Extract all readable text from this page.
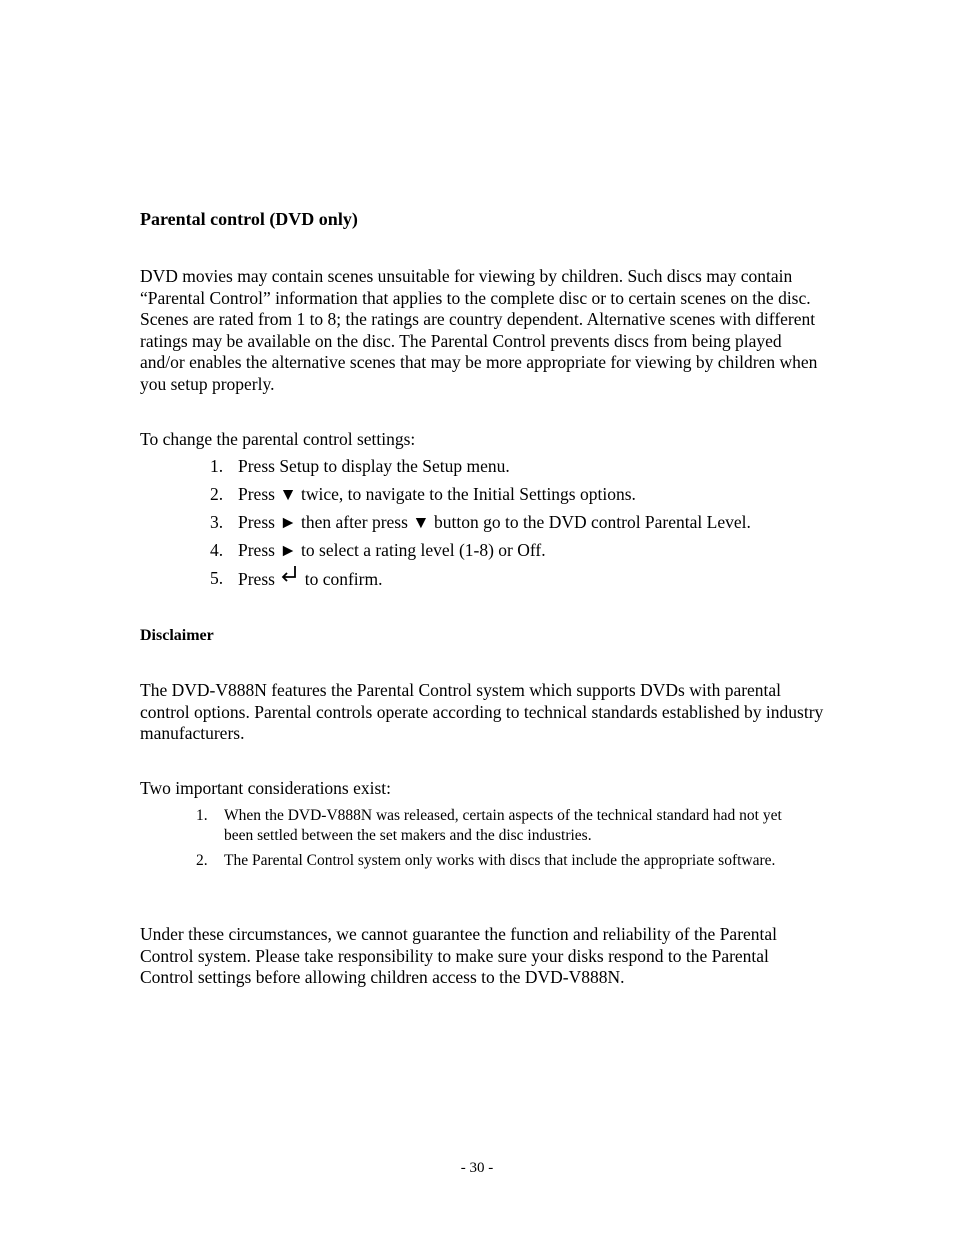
Parental control (DVD only)
DVD movies may contain scenes unsuitable for viewing by children. Such discs may contain “Parental Control” information that applies to the complete disc or to certain scenes on the disc. Scenes are rated from 1 to 8; the ratings are country dependent. Alternative scenes with different ratings may be available on the disc. The Parental Control prevents discs from being played and/or enables the alternative scenes that may be more appropriate for viewing by children when you setup properly.
To change the parental control settings:
1. Press Setup to display the Setup menu.
2. Press ▼ twice, to navigate to the Initial Settings options.
3. Press ► then after press ▼ button go to the DVD control Parental Level.
4. Press ► to select a rating level (1-8) or Off.
5. Press to confirm.
Disclaimer
The DVD-V888N features the Parental Control system which supports DVDs with parental control options. Parental controls operate according to technical standards established by industry manufacturers.
Two important considerations exist:
1.	When the DVD-V888N was released, certain aspects of the technical standard had not yet been settled between the set makers and the disc industries.
2.	The Parental Control system only works with discs that include the appropriate software.
Under these circumstances, we cannot guarantee the function and reliability of the Parental Control system. Please take responsibility to make sure your disks respond to the Parental Control settings before allowing children access to the DVD-V888N.
- 30 -
